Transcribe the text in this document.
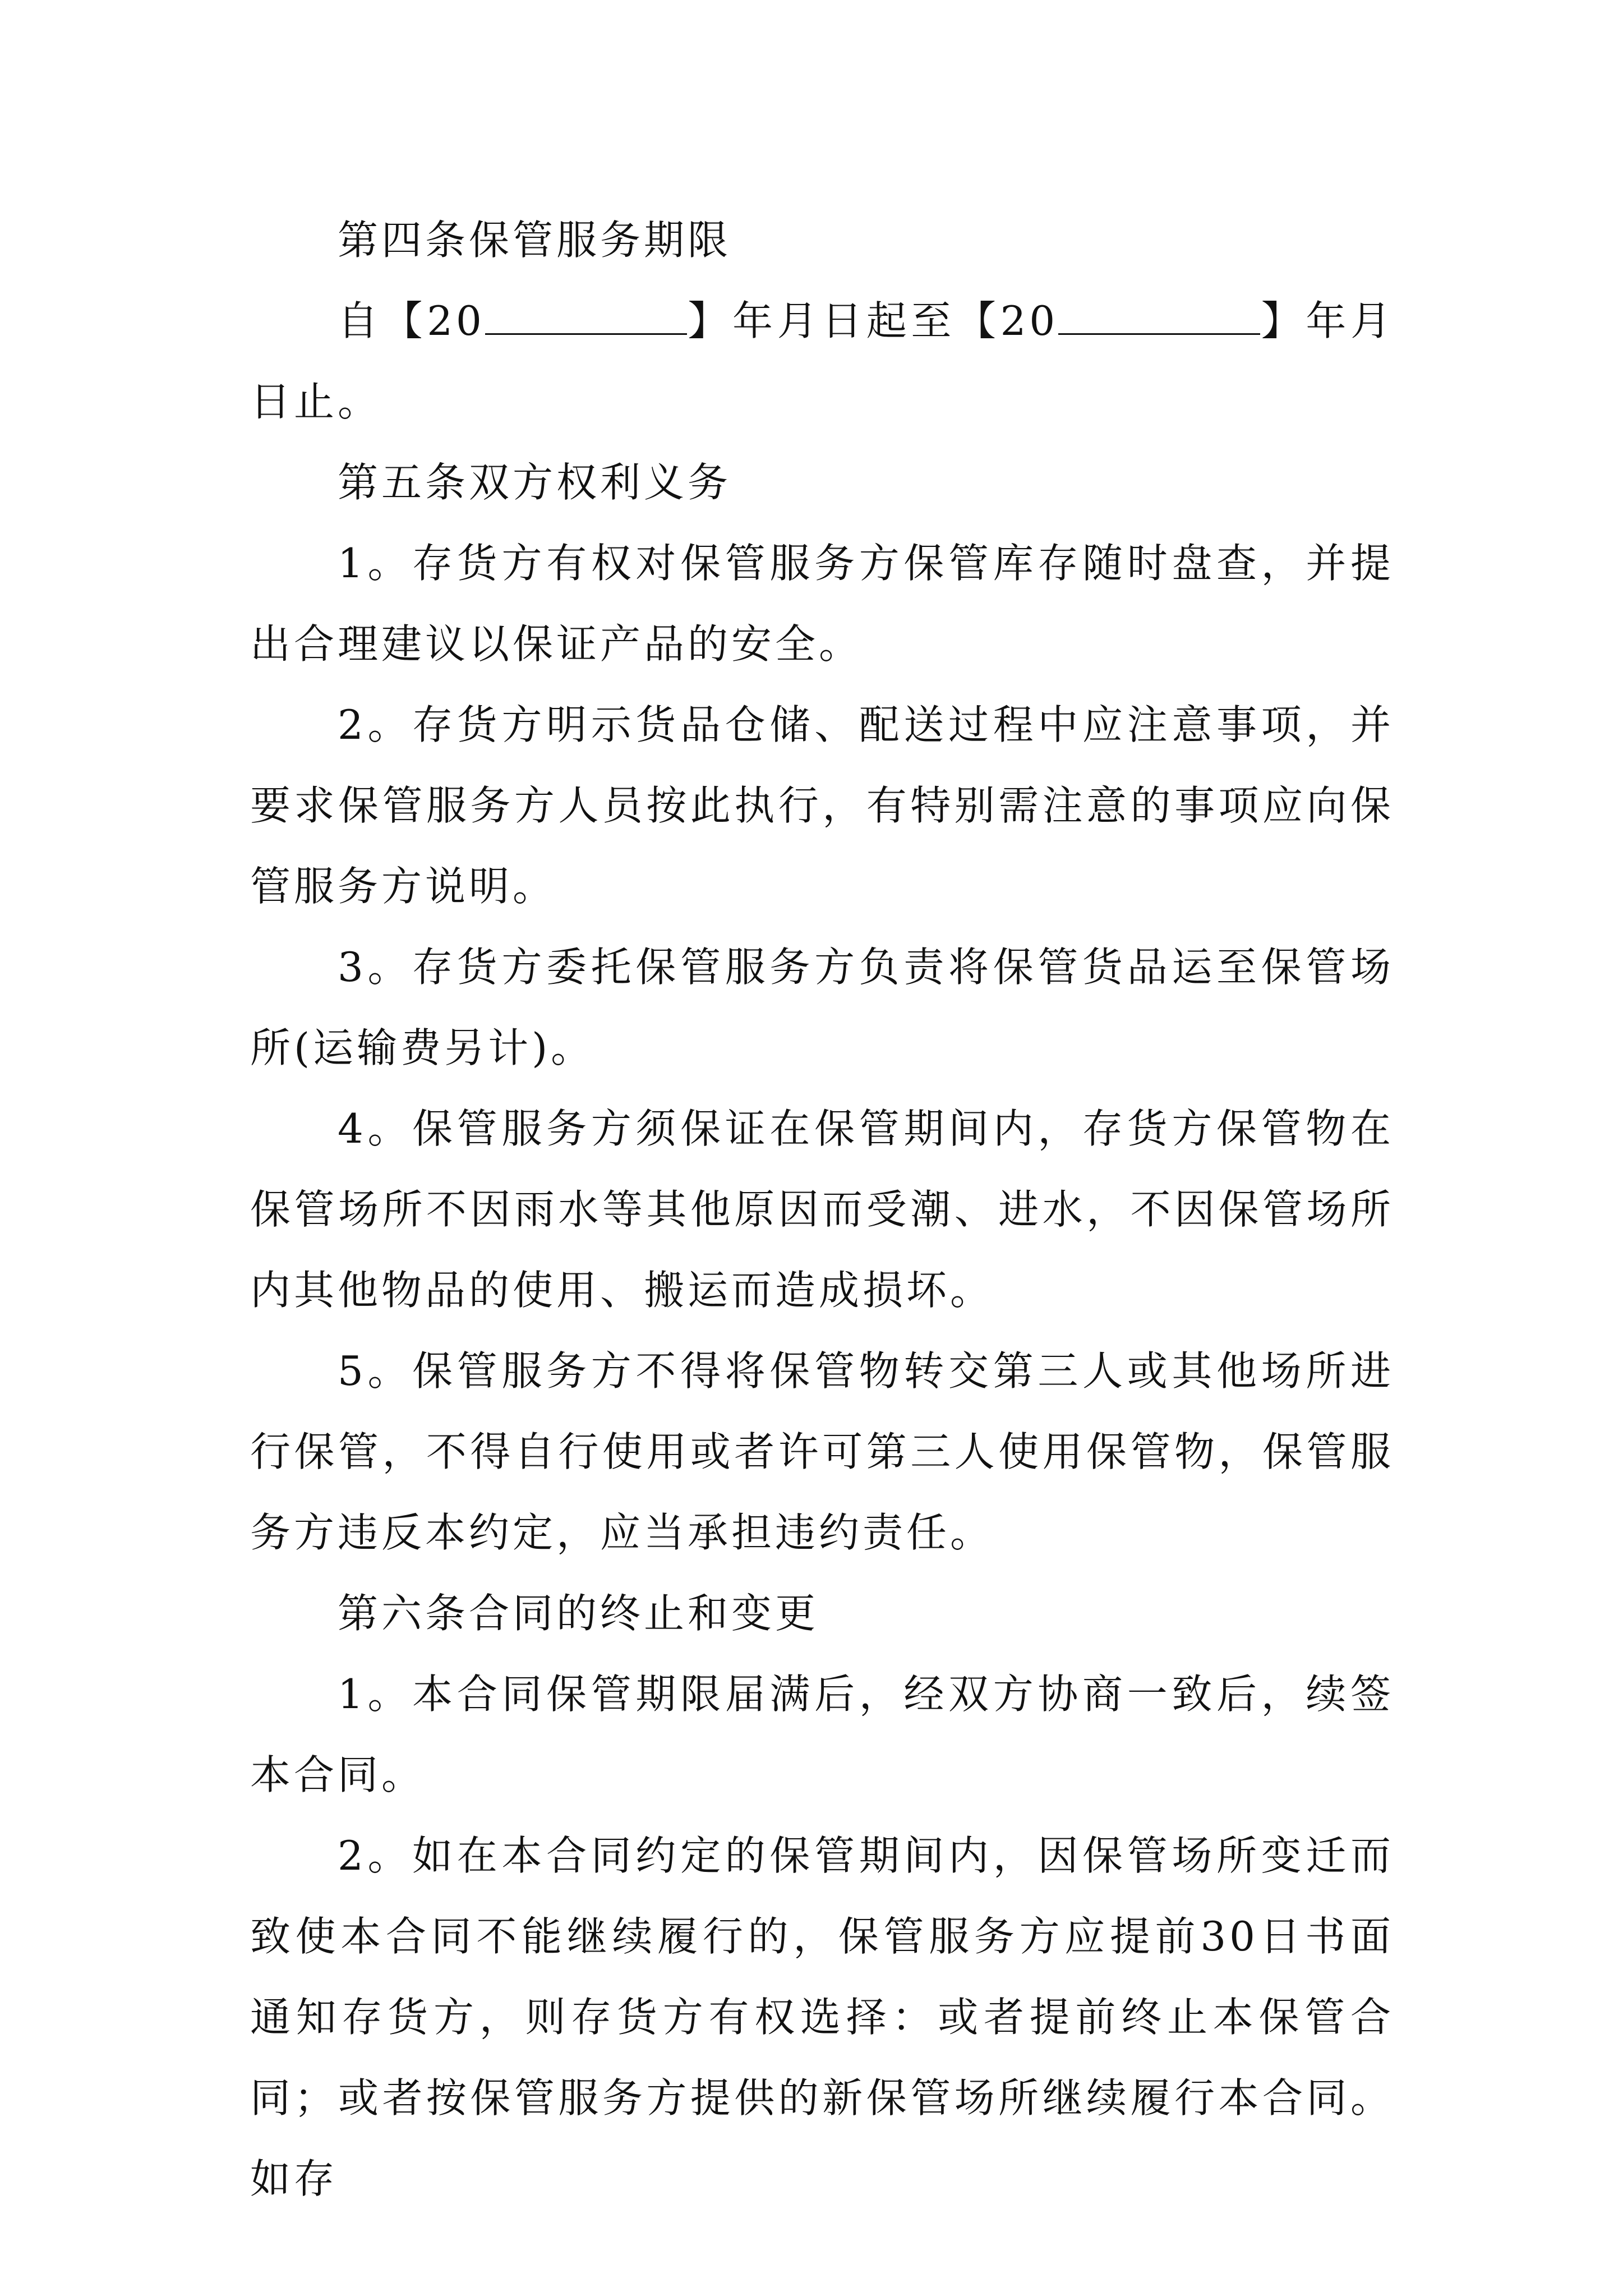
第四条保管服务期限

自【20	】年月日起至【20	】年月日止。

第五条双方权利义务

1。存货方有权对保管服务方保管库存随时盘查，并提出合理建议以保证产品的安全。

2。存货方明示货品仓储、配送过程中应注意事项，并要求保管服务方人员按此执行，有特别需注意的事项应向保管服务方说明。

3。存货方委托保管服务方负责将保管货品运至保管场所(运输费另计)。

4。保管服务方须保证在保管期间内，存货方保管物在保管场所不因雨水等其他原因而受潮、进水，不因保管场所内其他物品的使用、搬运而造成损坏。

5。保管服务方不得将保管物转交第三人或其他场所进行保管，不得自行使用或者许可第三人使用保管物，保管服务方违反本约定，应当承担违约责任。

第六条合同的终止和变更

1。本合同保管期限届满后，经双方协商一致后，续签本合同。

2。如在本合同约定的保管期间内，因保管场所变迁而致使本合同不能继续履行的，保管服务方应提前30日书面通知存货方，则存货方有权选择：或者提前终止本保管合同；或者按保管服务方提供的新保管场所继续履行本合同。如存
